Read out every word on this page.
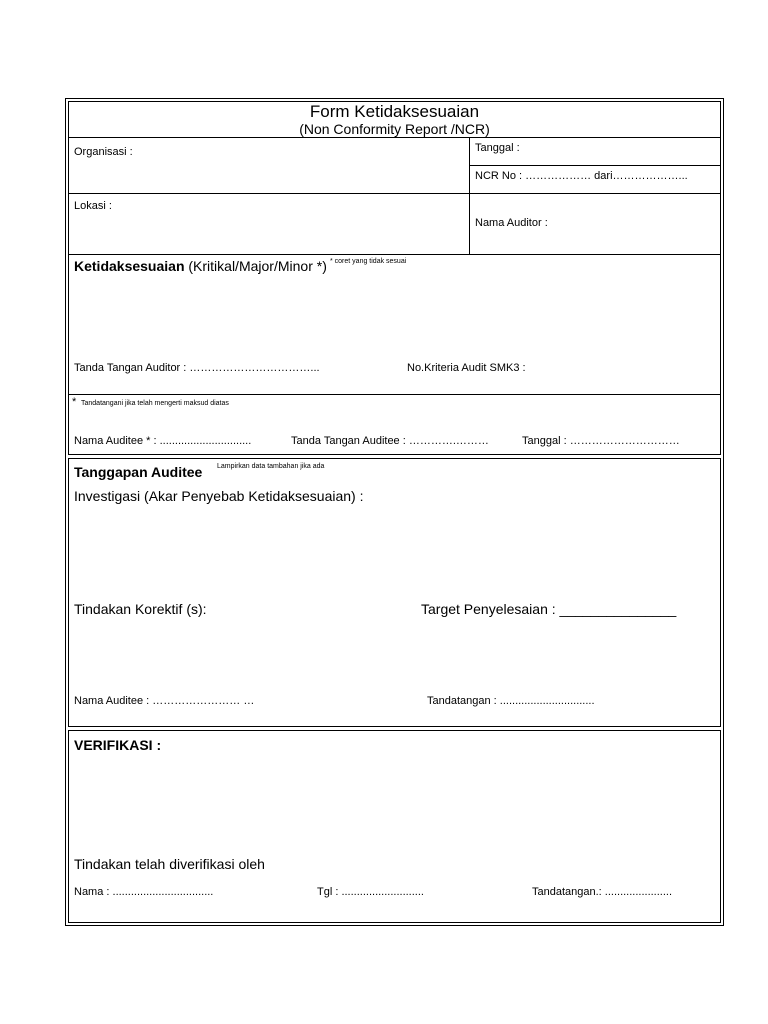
Form Ketidaksesuaian
(Non Conformity Report /NCR)
Organisasi :	Tanggal :
NCR No : ……………… dari………………...
Lokasi :
Nama Auditor :
Ketidaksesuaian (Kritikal/Major/Minor *) * coret yang tidak sesuai
Tanda Tangan Auditor : ……………………………...	No.Kriteria Audit SMK3 :
* Tandatangani jika telah mengerti maksud diatas
Nama Auditee * : ..............................	Tanda Tangan Auditee : ………….………	Tanggal : …………………………
Tanggapan Auditee Lampirkan data tambahan jika ada
Investigasi (Akar Penyebab Ketidaksesuaian) :
Tindakan Korektif (s):	Target Penyelesaian : _______________
Nama Auditee : …………………… …	Tandatangan : ...............................
VERIFIKASI :
Tindakan telah diverifikasi oleh
Nama : .................................	Tgl : ...........................	Tandatangan.: ......................
